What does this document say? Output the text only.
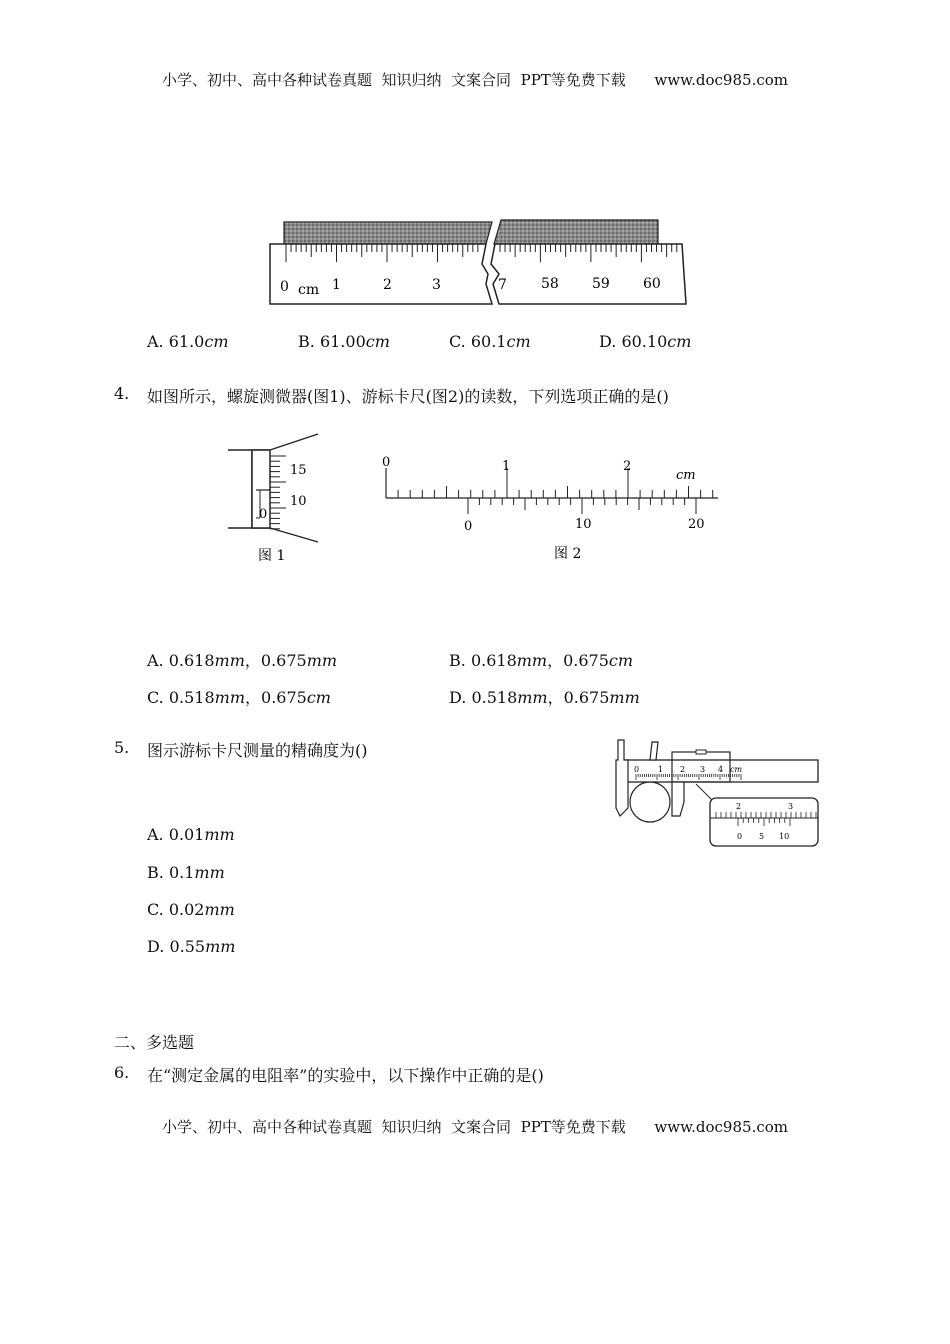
小学、初中、高中各种试卷真题  知识归纳  文案合同  PPT等免费下载      www.doc985.com
0 cm 1	2	3	7 58 59 60
A. 61.0cm	B. 61.00cm	C. 60.1cm	D. 60.10cm
4. 如图所示，螺旋测微器(图1)、游标卡尺(图2)的读数，下列选项正确的是()
15
10
0
图 1
0	1	2
cm
0	10	20
图 2
A. 0.618mm，0.675mm	B. 0.618mm，0.675cm
C. 0.518mm，0.675cm	D. 0.518mm，0.675mm
5. 图示游标卡尺测量的精确度为()
0 1 2 3 4 cm
2	3
0 5 10
A. 0.01mm
B. 0.1mm
C. 0.02mm
D. 0.55mm
二、多选题
6. 在“测定金属的电阻率”的实验中，以下操作中正确的是()
小学、初中、高中各种试卷真题  知识归纳  文案合同  PPT等免费下载      www.doc985.com
